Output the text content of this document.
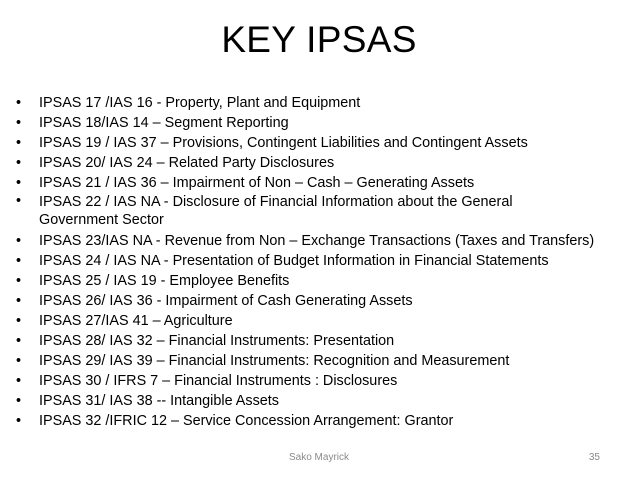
KEY IPSAS
• IPSAS 17 /IAS 16 - Property, Plant and Equipment
• IPSAS 18/IAS 14 – Segment Reporting
• IPSAS 19 / IAS 37 – Provisions, Contingent Liabilities and Contingent Assets
• IPSAS 20/ IAS 24 – Related Party Disclosures
• IPSAS 21 / IAS 36 – Impairment of Non – Cash – Generating Assets
• IPSAS 22 / IAS NA - Disclosure of Financial Information about the General Government Sector
• IPSAS 23/IAS NA - Revenue from Non – Exchange Transactions (Taxes and Transfers)
• IPSAS 24 / IAS NA - Presentation of Budget Information in Financial Statements
• IPSAS 25 / IAS 19 - Employee Benefits
• IPSAS 26/ IAS 36 - Impairment of Cash Generating Assets
• IPSAS 27/IAS 41 – Agriculture
• IPSAS 28/ IAS 32 – Financial Instruments: Presentation
• IPSAS 29/ IAS 39 – Financial Instruments: Recognition and Measurement
• IPSAS 30 / IFRS 7 – Financial Instruments : Disclosures
• IPSAS 31/ IAS 38 -- Intangible Assets
• IPSAS 32 /IFRIC 12 – Service Concession Arrangement: Grantor
Sako Mayrick	35
